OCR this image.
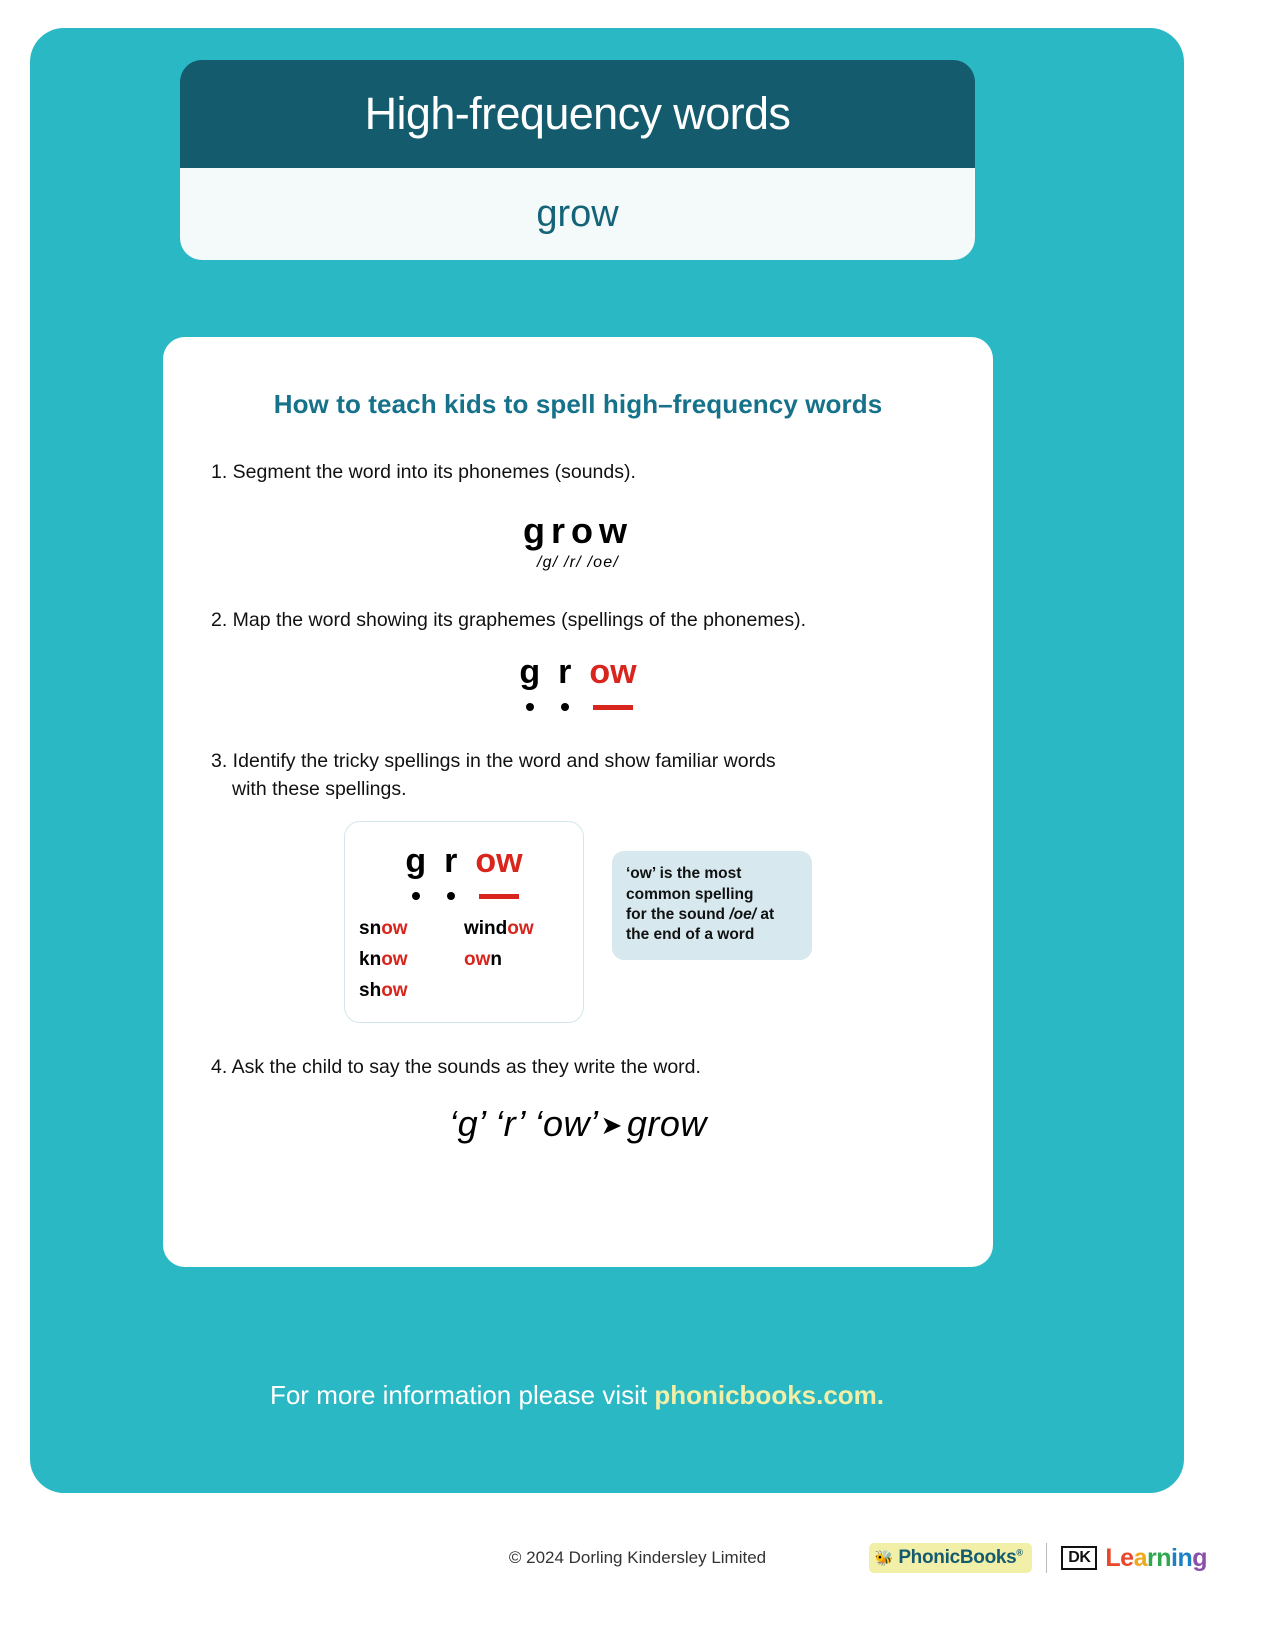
High-frequency words
grow
How to teach kids to spell high–frequency words
1. Segment the word into its phonemes (sounds).
grow
/g/ /r/ /oe/
2. Map the word showing its graphemes (spellings of the phonemes).
g r ow
3. Identify the tricky spellings in the word and show familiar words
with these spellings.
g r ow
snow	window
know	own
show
‘ow’ is the most
common spelling
for the sound /oe/ at
the end of a word
4. Ask the child to say the sounds as they write the word.
‘g’ ‘r’ ‘ow’➤ grow
For more information please visit phonicbooks.com.
© 2024 Dorling Kindersley Limited	🐝 PhonicBooks®	DK Learning
